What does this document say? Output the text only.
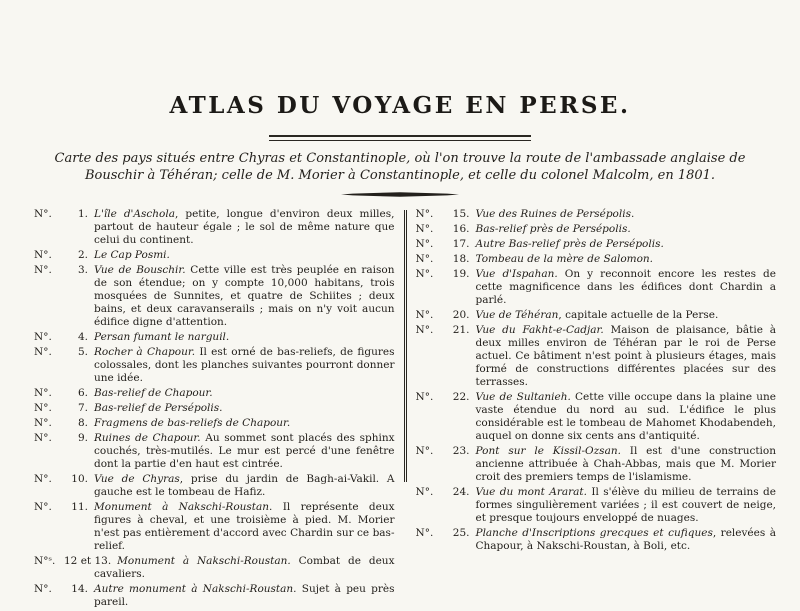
ATLAS DU VOYAGE EN PERSE.
Carte des pays situés entre Chyras et Constantinople, où l'on trouve la route de l'ambassade anglaise de Bouschir à Téhéran; celle de M. Morier à Constantinople, et celle du colonel Malcolm, en 1801.
N°. 1. L'île d'Aschola, petite, longue d'environ deux milles, partout de hauteur égale ; le sol de même nature que celui du continent.
N°. 2. Le Cap Posmi.
N°. 3. Vue de Bouschir. Cette ville est très peuplée en raison de son étendue; on y compte 10,000 habitans, trois mosquées de Sunnites, et quatre de Schiites ; deux bains, et deux caravanserails ; mais on n'y voit aucun édifice digne d'attention.
N°. 4. Persan fumant le narguil.
N°. 5. Rocher à Chapour. Il est orné de bas-reliefs, de figures colossales, dont les planches suivantes pourront donner une idée.
N°. 6. Bas-relief de Chapour.
N°. 7. Bas-relief de Persépolis.
N°. 8. Fragmens de bas-reliefs de Chapour.
N°. 9. Ruines de Chapour. Au sommet sont placés des sphinx couchés, très-mutilés. Le mur est percé d'une fenêtre dont la partie d'en haut est cintrée.
N°. 10. Vue de Chyras, prise du jardin de Bagh-ai-Vakil. A gauche est le tombeau de Hafiz.
N°. 11. Monument à Nakschi-Roustan. Il représente deux figures à cheval, et une troisième à pied. M. Morier n'est pas entièrement d'accord avec Chardin sur ce bas-relief.
N°ˢ. 12 et 13. Monument à Nakschi-Roustan. Combat de deux cavaliers.
N°. 14. Autre monument à Nakschi-Roustan. Sujet à peu près pareil.
N°. 15. Vue des Ruines de Persépolis.
N°. 16. Bas-relief près de Persépolis.
N°. 17. Autre Bas-relief près de Persépolis.
N°. 18. Tombeau de la mère de Salomon.
N°. 19. Vue d'Ispahan. On y reconnoit encore les restes de cette magnificence dans les édifices dont Chardin a parlé.
N°. 20. Vue de Téhéran, capitale actuelle de la Perse.
N°. 21. Vue du Fakht-e-Cadjar. Maison de plaisance, bâtie à deux milles environ de Téhéran par le roi de Perse actuel. Ce bâtiment n'est point à plusieurs étages, mais formé de constructions différentes placées sur des terrasses.
N°. 22. Vue de Sultanieh. Cette ville occupe dans la plaine une vaste étendue du nord au sud. L'édifice le plus considérable est le tombeau de Mahomet Khodabendeh, auquel on donne six cents ans d'antiquité.
N°. 23. Pont sur le Kissil-Ozsan. Il est d'une construction ancienne attribuée à Chah-Abbas, mais que M. Morier croit des premiers temps de l'islamisme.
N°. 24. Vue du mont Ararat. Il s'élève du milieu de terrains de formes singulièrement variées ; il est couvert de neige, et presque toujours enveloppé de nuages.
N°. 25. Planche d'Inscriptions grecques et cufiques, relevées à Chapour, à Nakschi-Roustan, à Boli, etc.
